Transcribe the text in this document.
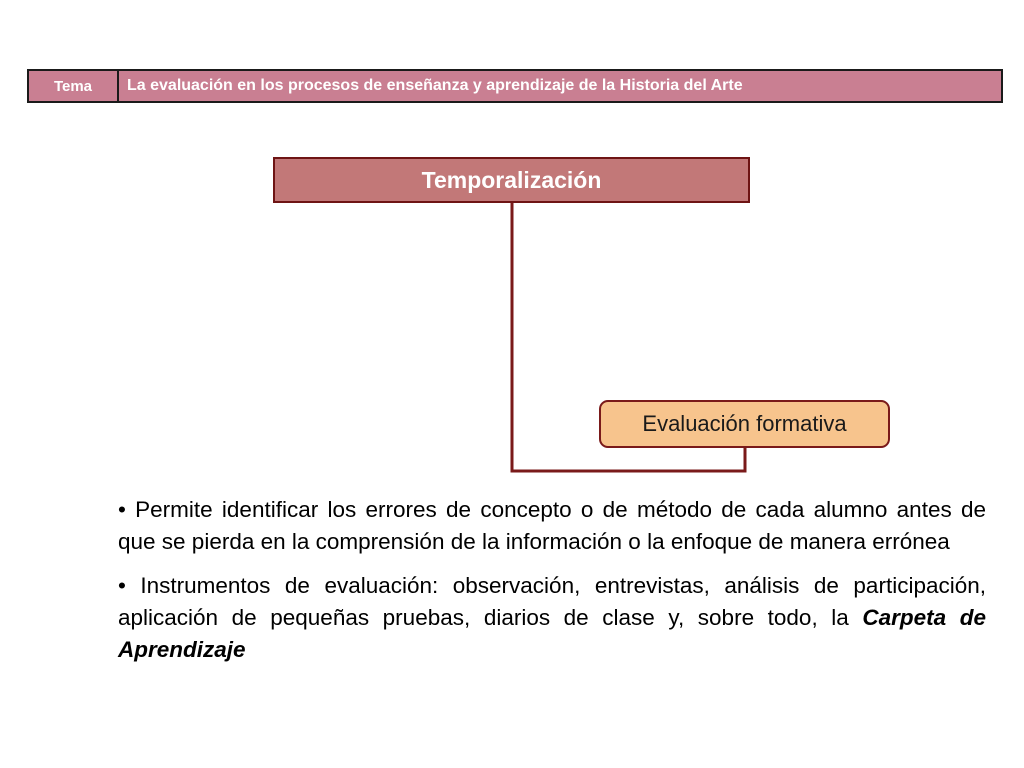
Tema	La evaluación en los procesos de enseñanza y aprendizaje de la Historia del Arte
Temporalización
Evaluación formativa

• Permite identificar los errores de concepto o de método de cada alumno antes de que se pierda en la comprensión de la información o la enfoque de manera errónea

• Instrumentos de evaluación: observación, entrevistas, análisis de participación, aplicación de pequeñas pruebas, diarios de clase y, sobre todo, la Carpeta de Aprendizaje
